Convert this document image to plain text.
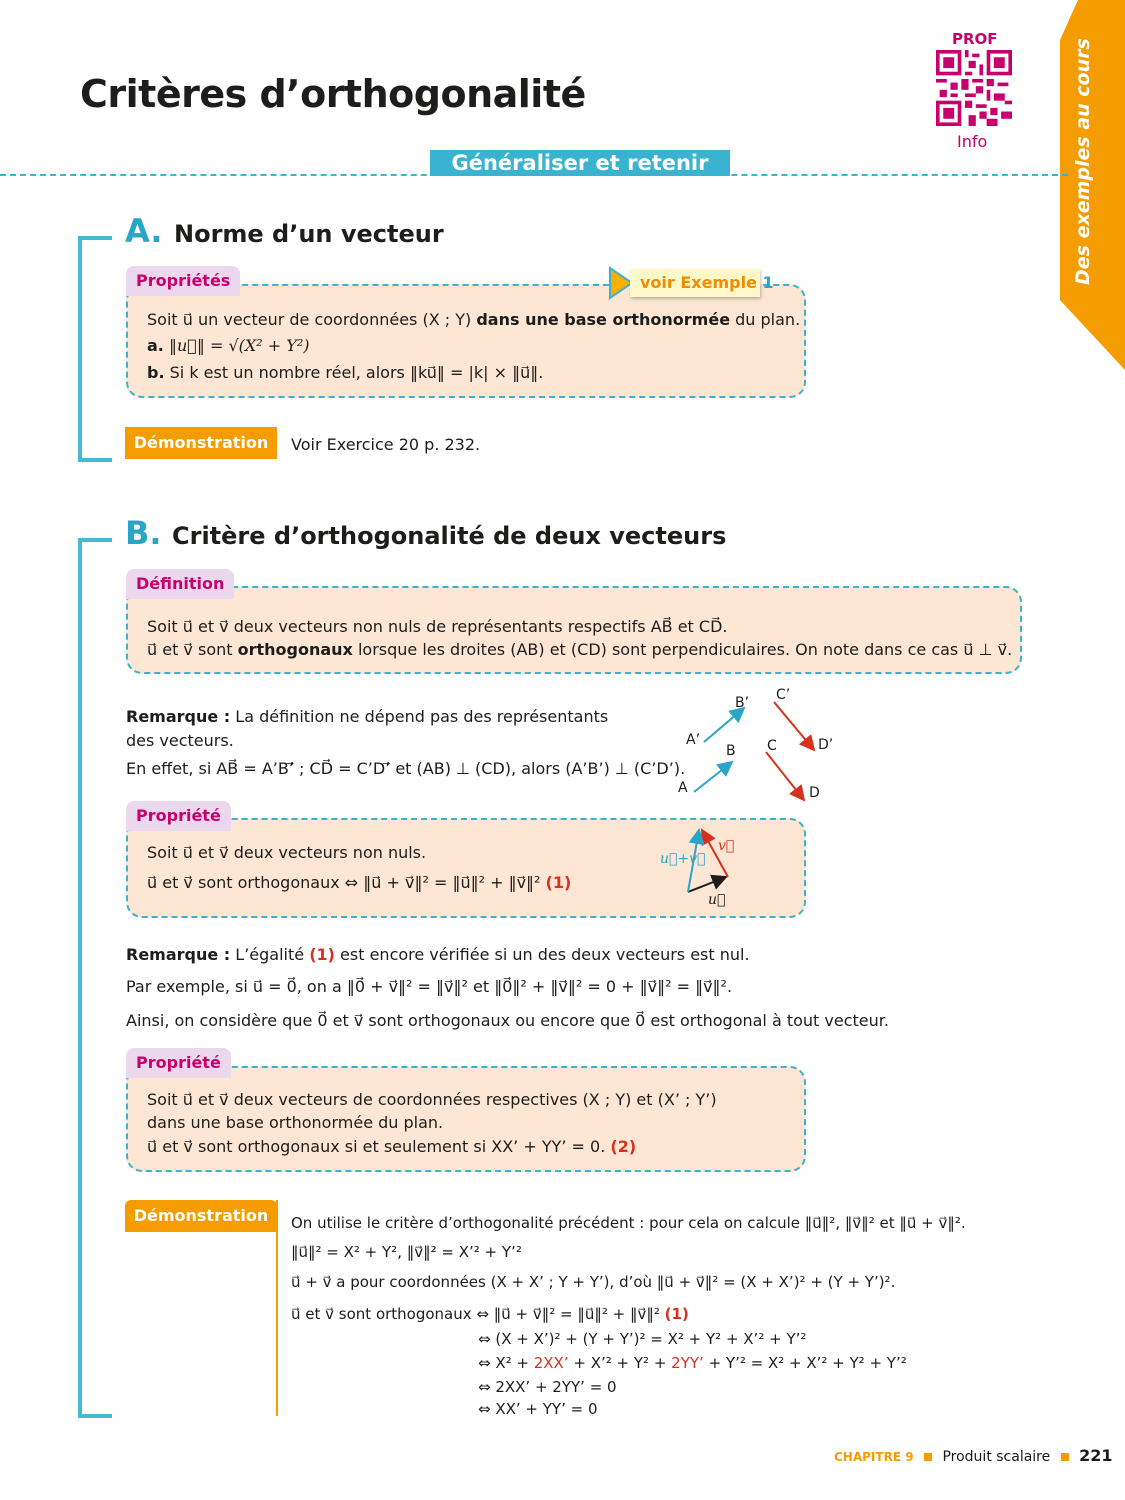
Critères d’orthogonalité
PROF
Info	Des exemples au cours
Généraliser et retenir
A. Norme d’un vecteur
Propriétés	voir Exemple 1
Soit u⃗ un vecteur de coordonnées (X ; Y) dans une base orthonormée du plan.
a. ‖u⃗‖ = √(X² + Y²)
b. Si k est un nombre réel, alors ‖ku⃗‖ = |k| × ‖u⃗‖.
Démonstration	Voir Exercice 20 p. 232.
B. Critère d’orthogonalité de deux vecteurs
Définition
Soit u⃗ et v⃗ deux vecteurs non nuls de représentants respectifs AB⃗ et CD⃗.
u⃗ et v⃗ sont orthogonaux lorsque les droites (AB) et (CD) sont perpendiculaires. On note dans ce cas u⃗ ⊥ v⃗.
Remarque : La définition ne dépend pas des représentants
des vecteurs.
En effet, si AB⃗ = A’B’⃗ ; CD⃗ = C’D’⃗ et (AB) ⊥ (CD), alors (A’B’) ⊥ (C’D’).
A’
B’
A
B
C’
D’
C
D
Propriété
Soit u⃗ et v⃗ deux vecteurs non nuls.
u⃗ et v⃗ sont orthogonaux ⇔ ‖u⃗ + v⃗‖² = ‖u⃗‖² + ‖v⃗‖² (1)
u⃗+v⃗
v⃗
u⃗
Remarque : L’égalité (1) est encore vérifiée si un des deux vecteurs est nul.
Par exemple, si u⃗ = 0⃗, on a ‖0⃗ + v⃗‖² = ‖v⃗‖² et ‖0⃗‖² + ‖v⃗‖² = 0 + ‖v⃗‖² = ‖v⃗‖².
Ainsi, on considère que 0⃗ et v⃗ sont orthogonaux ou encore que 0⃗ est orthogonal à tout vecteur.
Propriété
Soit u⃗ et v⃗ deux vecteurs de coordonnées respectives (X ; Y) et (X’ ; Y’)
dans une base orthonormée du plan.
u⃗ et v⃗ sont orthogonaux si et seulement si XX’ + YY’ = 0. (2)
Démonstration	On utilise le critère d’orthogonalité précédent : pour cela on calcule ‖u⃗‖², ‖v⃗‖² et ‖u⃗ + v⃗‖².
‖u⃗‖² = X² + Y², ‖v⃗‖² = X’² + Y’²
u⃗ + v⃗ a pour coordonnées (X + X’ ; Y + Y’), d’où ‖u⃗ + v⃗‖² = (X + X’)² + (Y + Y’)².
u⃗ et v⃗ sont orthogonaux ⇔ ‖u⃗ + v⃗‖² = ‖u⃗‖² + ‖v⃗‖² (1)
⇔ (X + X’)² + (Y + Y’)² = X² + Y² + X’² + Y’²
⇔ X² + 2XX’ + X’² + Y² + 2YY’ + Y’² = X² + X’² + Y² + Y’²
⇔ 2XX’ + 2YY’ = 0
⇔ XX’ + YY’ = 0
CHAPITRE 9 Produit scalaire 221
